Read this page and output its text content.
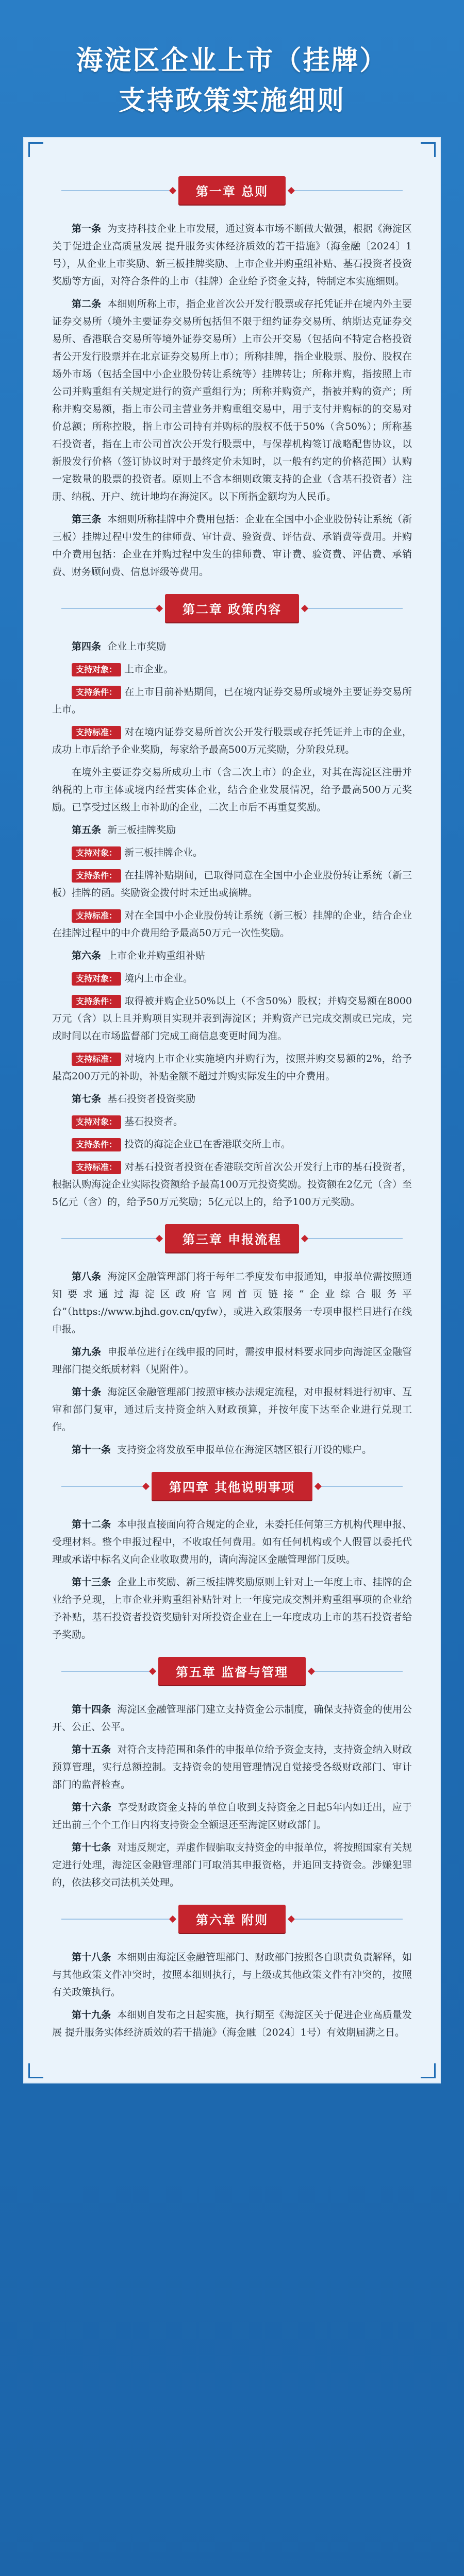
海淀区企业上市（挂牌）
支持政策实施细则
第一章 总则

第一条 为支持科技企业上市发展，通过资本市场不断做大做强，根据《海淀区关于促进企业高质量发展 提升服务实体经济质效的若干措施》（海金融〔2024〕1号），从企业上市奖励、新三板挂牌奖励、上市企业并购重组补贴、基石投资者投资奖励等方面，对符合条件的上市（挂牌）企业给予资金支持，特制定本实施细则。

第二条 本细则所称上市，指企业首次公开发行股票或存托凭证并在境内外主要证券交易所（境外主要证券交易所包括但不限于纽约证券交易所、纳斯达克证券交易所、香港联合交易所等境外证券交易所）上市公开交易（包括向不特定合格投资者公开发行股票并在北京证券交易所上市）；所称挂牌，指企业股票、股份、股权在场外市场（包括全国中小企业股份转让系统等）挂牌转让；所称并购，指按照上市公司并购重组有关规定进行的资产重组行为；所称并购资产，指被并购的资产；所称并购交易额，指上市公司主营业务并购重组交易中，用于支付并购标的的交易对价总额；所称控股，指上市公司持有并购标的股权不低于50%（含50%）；所称基石投资者，指在上市公司首次公开发行股票中，与保荐机构签订战略配售协议，以新股发行价格（签订协议时对于最终定价未知时，以一般有约定的价格范围）认购一定数量的股票的投资者。原则上不含本细则政策支持的企业（含基石投资者）注册、纳税、开户、统计地均在海淀区。以下所指金额均为人民币。

第三条 本细则所称挂牌中介费用包括：企业在全国中小企业股份转让系统（新三板）挂牌过程中发生的律师费、审计费、验资费、评估费、承销费等费用。并购中介费用包括：企业在并购过程中发生的律师费、审计费、验资费、评估费、承销费、财务顾问费、信息评级等费用。

第二章 政策内容

第四条 企业上市奖励

支持对象： 上市企业。

支持条件： 在上市目前补贴期间，已在境内证券交易所或境外主要证券交易所上市。

支持标准： 对在境内证券交易所首次公开发行股票或存托凭证并上市的企业，成功上市后给予企业奖励，每家给予最高500万元奖励，分阶段兑现。

在境外主要证券交易所成功上市（含二次上市）的企业，对其在海淀区注册并纳税的上市主体或境内经营实体企业，结合企业发展情况，给予最高500万元奖励。已享受过区级上市补助的企业，二次上市后不再重复奖励。

第五条 新三板挂牌奖励

支持对象： 新三板挂牌企业。

支持条件： 在挂牌补贴期间，已取得同意在全国中小企业股份转让系统（新三板）挂牌的函。奖励资金拨付时未迁出或摘牌。

支持标准： 对在全国中小企业股份转让系统（新三板）挂牌的企业，结合企业在挂牌过程中的中介费用给予最高50万元一次性奖励。

第六条 上市企业并购重组补贴

支持对象： 境内上市企业。

支持条件： 取得被并购企业50%以上（不含50%）股权；并购交易额在8000万元（含）以上且并购项目实现并表到海淀区；并购资产已完成交割或已完成，完成时间以在市场监督部门完成工商信息变更时间为准。

支持标准： 对境内上市企业实施境内并购行为，按照并购交易额的2%，给予最高200万元的补助，补贴金额不超过并购实际发生的中介费用。

第七条 基石投资者投资奖励

支持对象： 基石投资者。

支持条件： 投资的海淀企业已在香港联交所上市。

支持标准： 对基石投资者投资在香港联交所首次公开发行上市的基石投资者，根据认购海淀企业实际投资额给予最高100万元投资奖励。投资额在2亿元（含）至5亿元（含）的，给予50万元奖励；5亿元以上的，给予100万元奖励。

第三章 申报流程

第八条 海淀区金融管理部门将于每年二季度发布申报通知，申报单位需按照通知要求通过海淀区政府官网首页链接“企业综合服务平台”（https://www.bjhd.gov.cn/qyfw），或进入政策服务一专项申报栏目进行在线申报。

第九条 申报单位进行在线申报的同时，需按申报材料要求同步向海淀区金融管理部门提交纸质材料（见附件）。

第十条 海淀区金融管理部门按照审核办法规定流程，对申报材料进行初审、互审和部门复审，通过后支持资金纳入财政预算，并按年度下达至企业进行兑现工作。

第十一条 支持资金将发放至申报单位在海淀区辖区银行开设的账户。

第四章 其他说明事项

第十二条 本申报直接面向符合规定的企业，未委托任何第三方机构代理申报、受理材料。整个申报过程中，不收取任何费用。如有任何机构或个人假冒以委托代理或承诺中标名义向企业收取费用的，请向海淀区金融管理部门反映。

第十三条 企业上市奖励、新三板挂牌奖励原则上针对上一年度上市、挂牌的企业给予兑现，上市企业并购重组补贴针对上一年度完成交割并购重组事项的企业给予补贴，基石投资者投资奖励针对所投资企业在上一年度成功上市的基石投资者给予奖励。

第五章 监督与管理

第十四条 海淀区金融管理部门建立支持资金公示制度，确保支持资金的使用公开、公正、公平。

第十五条 对符合支持范围和条件的申报单位给予资金支持，支持资金纳入财政预算管理，实行总额控制。支持资金的使用管理情况自觉接受各级财政部门、审计部门的监督检查。

第十六条 享受财政资金支持的单位自收到支持资金之日起5年内如迁出，应于迁出前三个个工作日内将支持资金全额退还至海淀区财政部门。

第十七条 对违反规定，弄虚作假骗取支持资金的申报单位，将按照国家有关规定进行处理，海淀区金融管理部门可取消其申报资格，并追回支持资金。涉嫌犯罪的，依法移交司法机关处理。

第六章 附则

第十八条 本细则由海淀区金融管理部门、财政部门按照各自职责负责解释，如与其他政策文件冲突时，按照本细则执行，与上级或其他政策文件有冲突的，按照有关政策执行。

第十九条 本细则自发布之日起实施，执行期至《海淀区关于促进企业高质量发展 提升服务实体经济质效的若干措施》（海金融〔2024〕1号）有效期届满之日。
